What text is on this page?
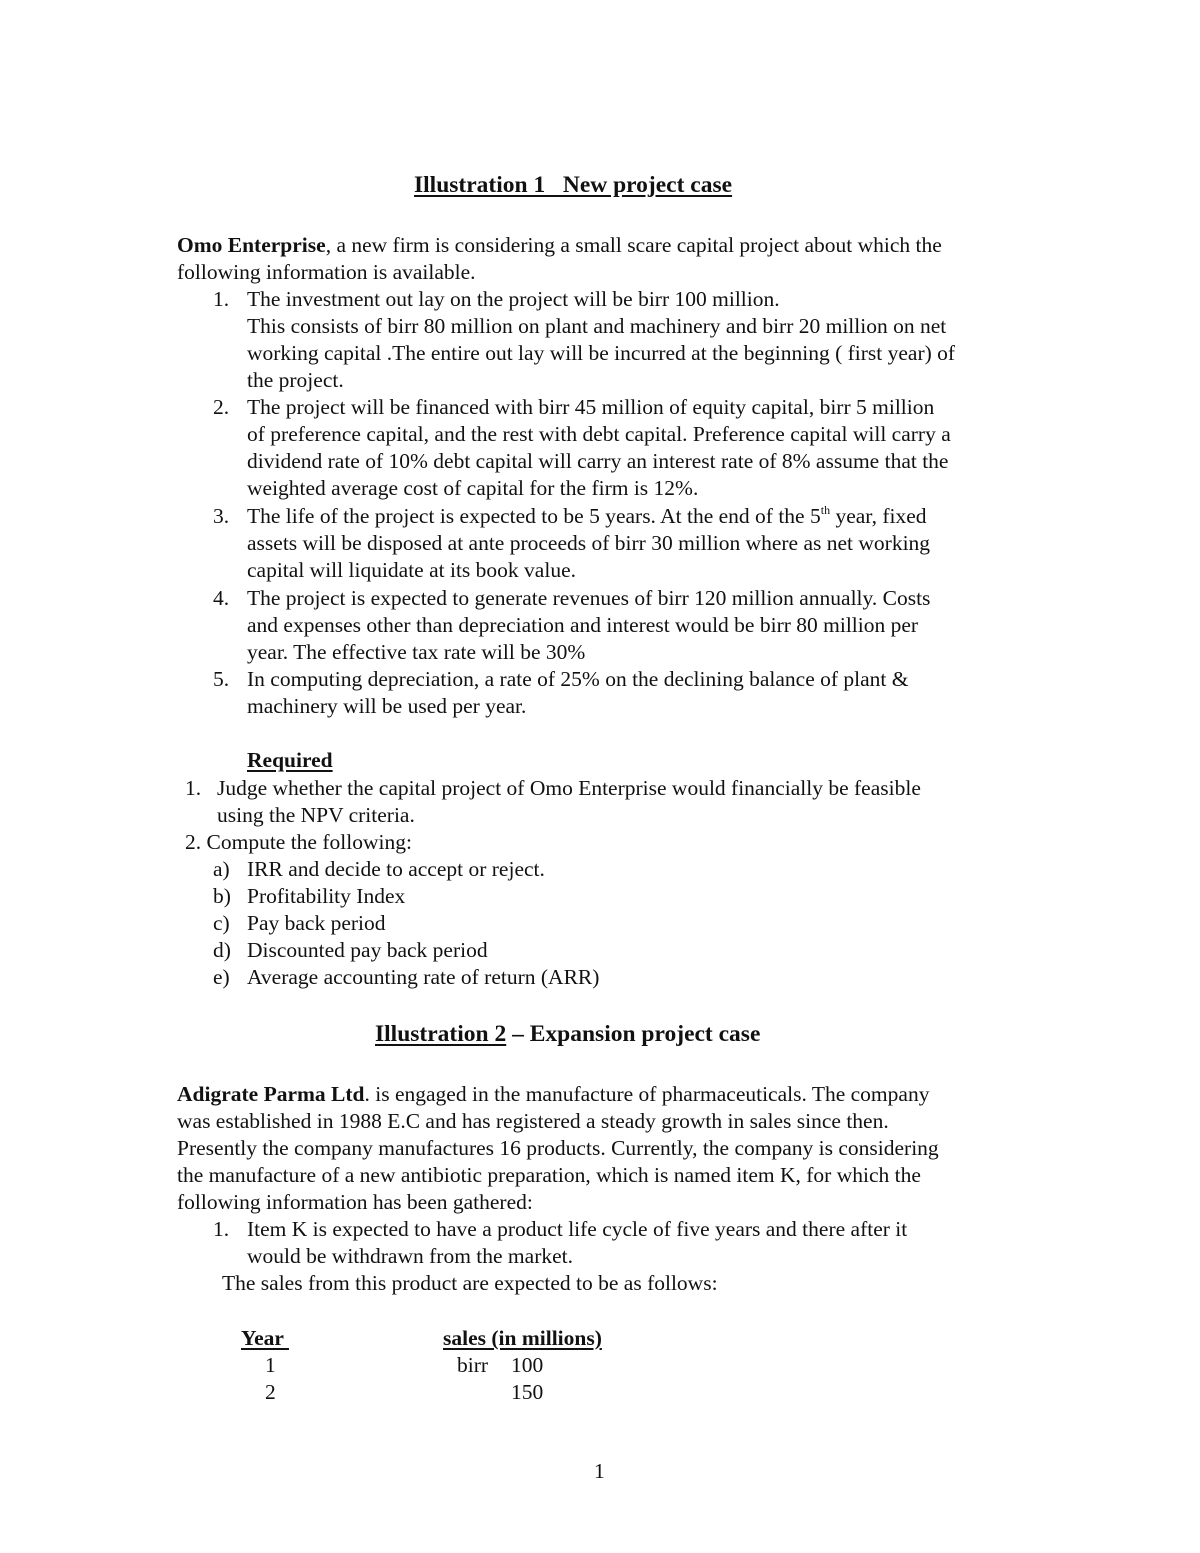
Illustration 1   New project case
Omo Enterprise, a new firm is considering a small scare capital project about which the
following information is available.
1. The investment out lay on the project will be birr 100 million.
This consists of birr 80 million on plant and machinery and birr 20 million on net
working capital .The entire out lay will be incurred at the beginning ( first year) of
the project.
2. The project will be financed with birr 45 million of equity capital, birr 5 million
of preference capital, and the rest with debt capital. Preference capital will carry a
dividend rate of 10% debt capital will carry an interest rate of 8% assume that the
weighted average cost of capital for the firm is 12%.
3. The life of the project is expected to be 5 years. At the end of the 5th year, fixed
assets will be disposed at ante proceeds of birr 30 million where as net working
capital will liquidate at its book value.
4. The project is expected to generate revenues of birr 120 million annually. Costs
and expenses other than depreciation and interest would be birr 80 million per
year. The effective tax rate will be 30%
5. In computing depreciation, a rate of 25% on the declining balance of plant &
machinery will be used per year.
Required
1. Judge whether the capital project of Omo Enterprise would financially be feasible
using the NPV criteria.
2. Compute the following:
a) IRR and decide to accept or reject.
b) Profitability Index
c) Pay back period
d) Discounted pay back period
e) Average accounting rate of return (ARR)
Illustration 2 – Expansion project case
Adigrate Parma Ltd. is engaged in the manufacture of pharmaceuticals. The company
was established in 1988 E.C and has registered a steady growth in sales since then.
Presently the company manufactures 16 products. Currently, the company is considering
the manufacture of a new antibiotic preparation, which is named item K, for which the
following information has been gathered:
1. Item K is expected to have a product life cycle of five years and there after it
would be withdrawn from the market.
The sales from this product are expected to be as follows:
Year	sales (in millions)
1	birr 100
2	150
1
